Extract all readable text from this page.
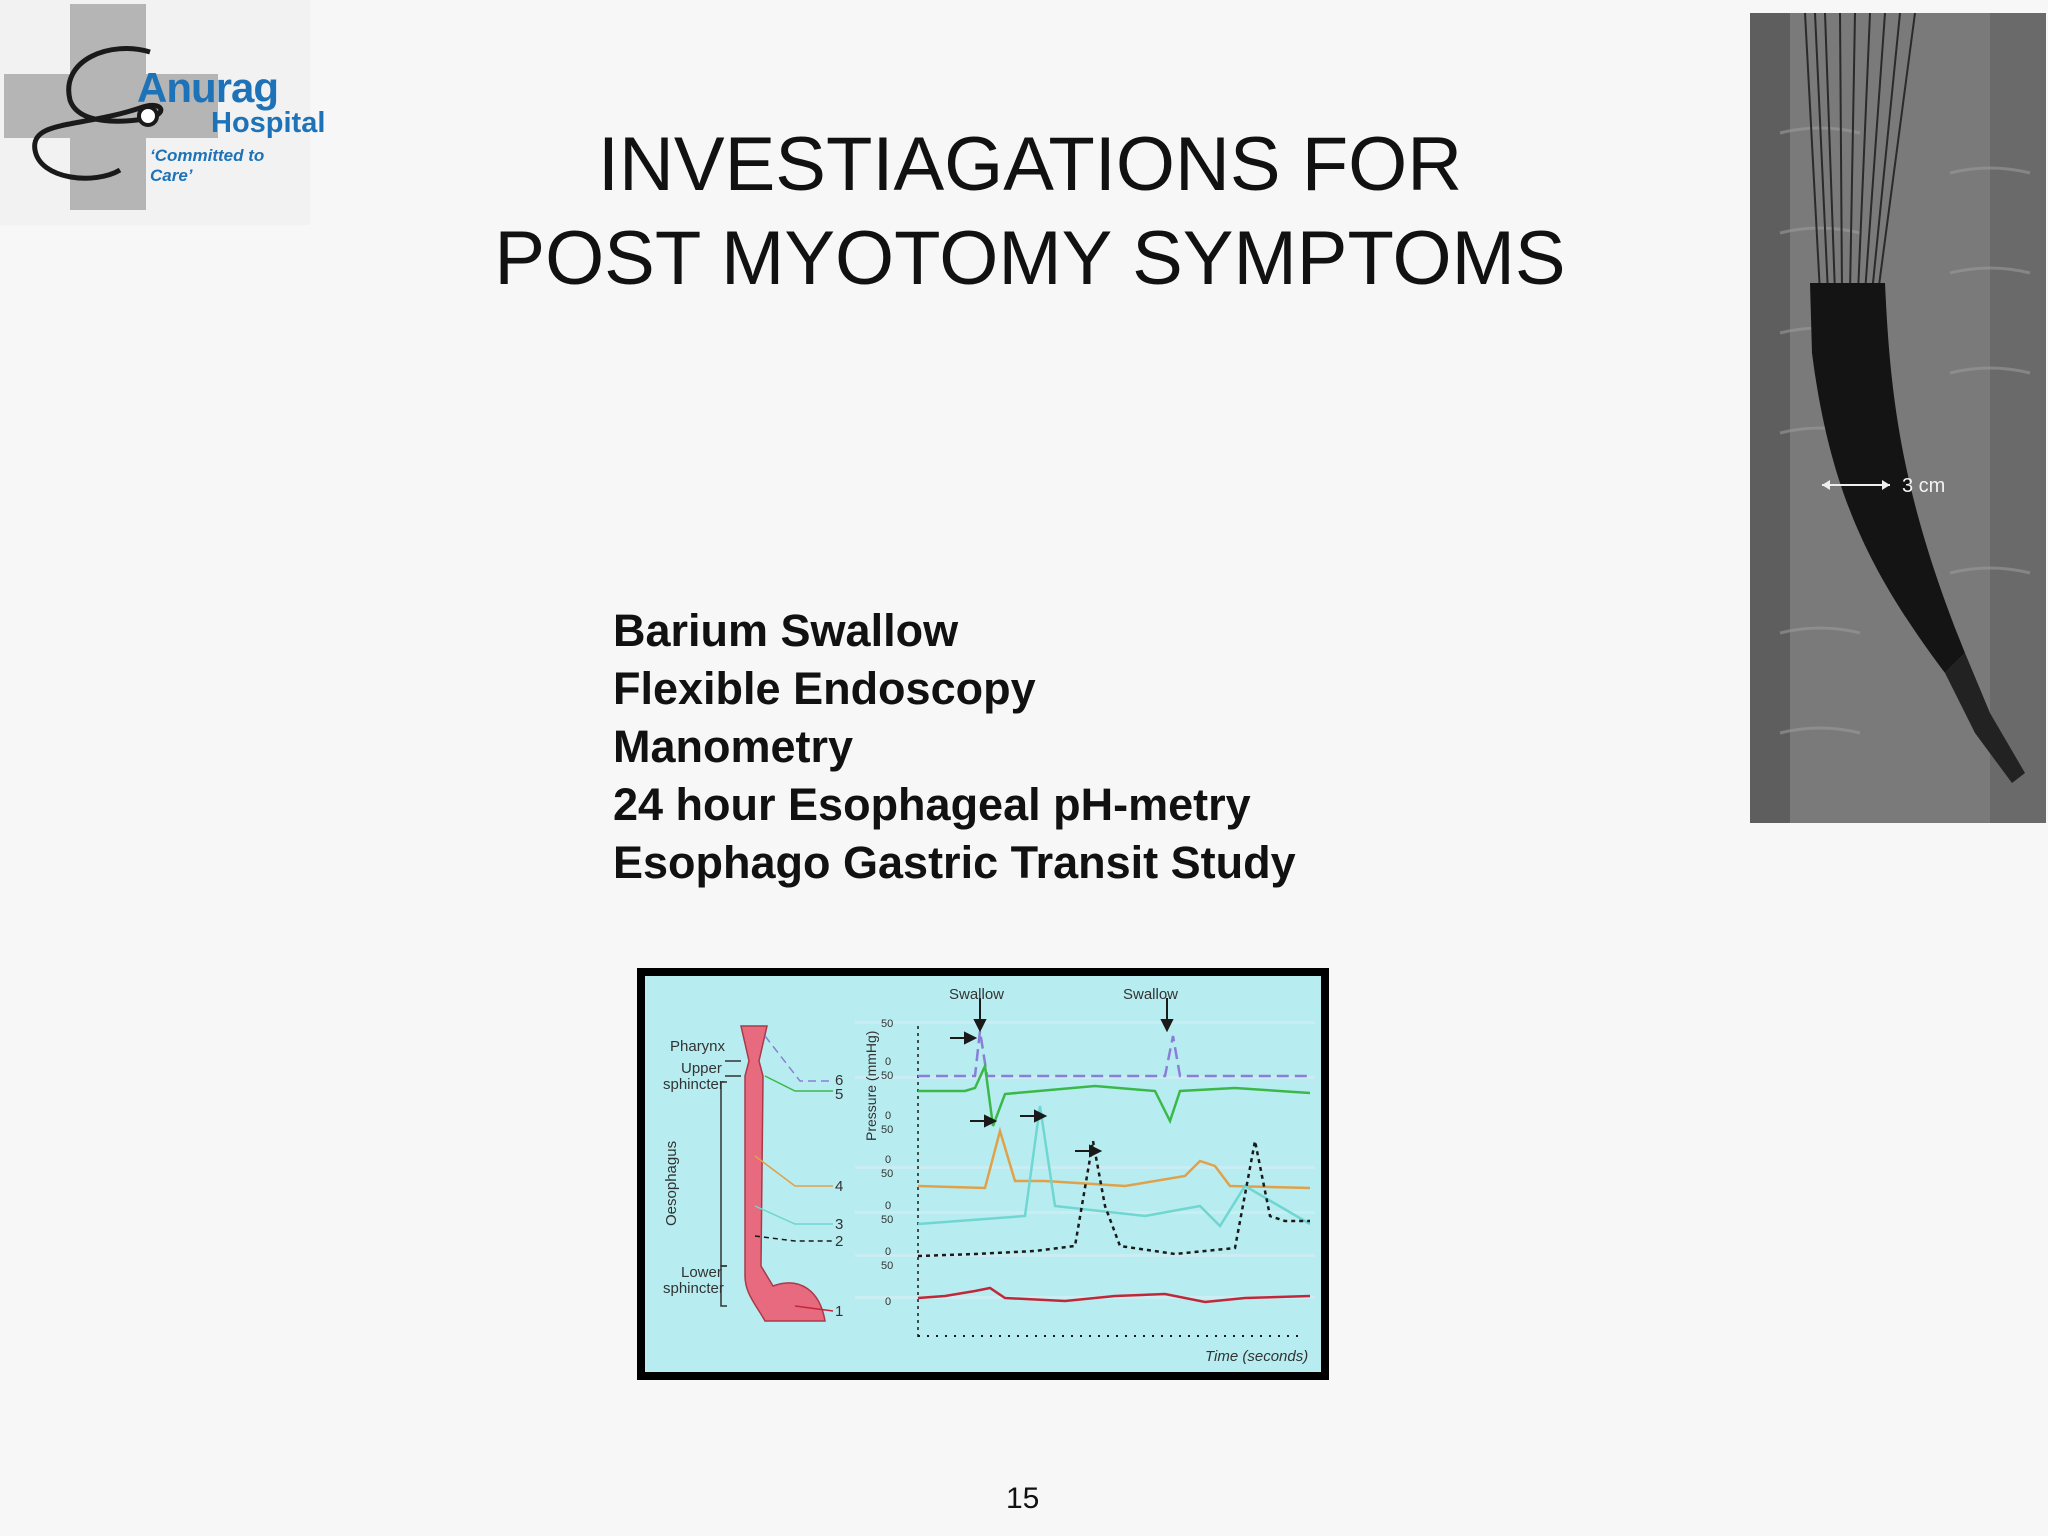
Anurag
Hospital
‘Committed to Care’	INVESTIAGATIONS FOR
POST MYOTOMY SYMPTOMS
Barium Swallow
Flexible Endoscopy
Manometry
24 hour Esophageal pH-metry
Esophago Gastric Transit Study
3 cm
Swallow	Swallow
Pharynx
Upper
sphincter
Oesophagus
Lower
sphincter
6
5
4
3
2
1
Pressure (mmHg)
50
0
50
0
50
0
50
0
50
0
50
0
Time (seconds)
15
